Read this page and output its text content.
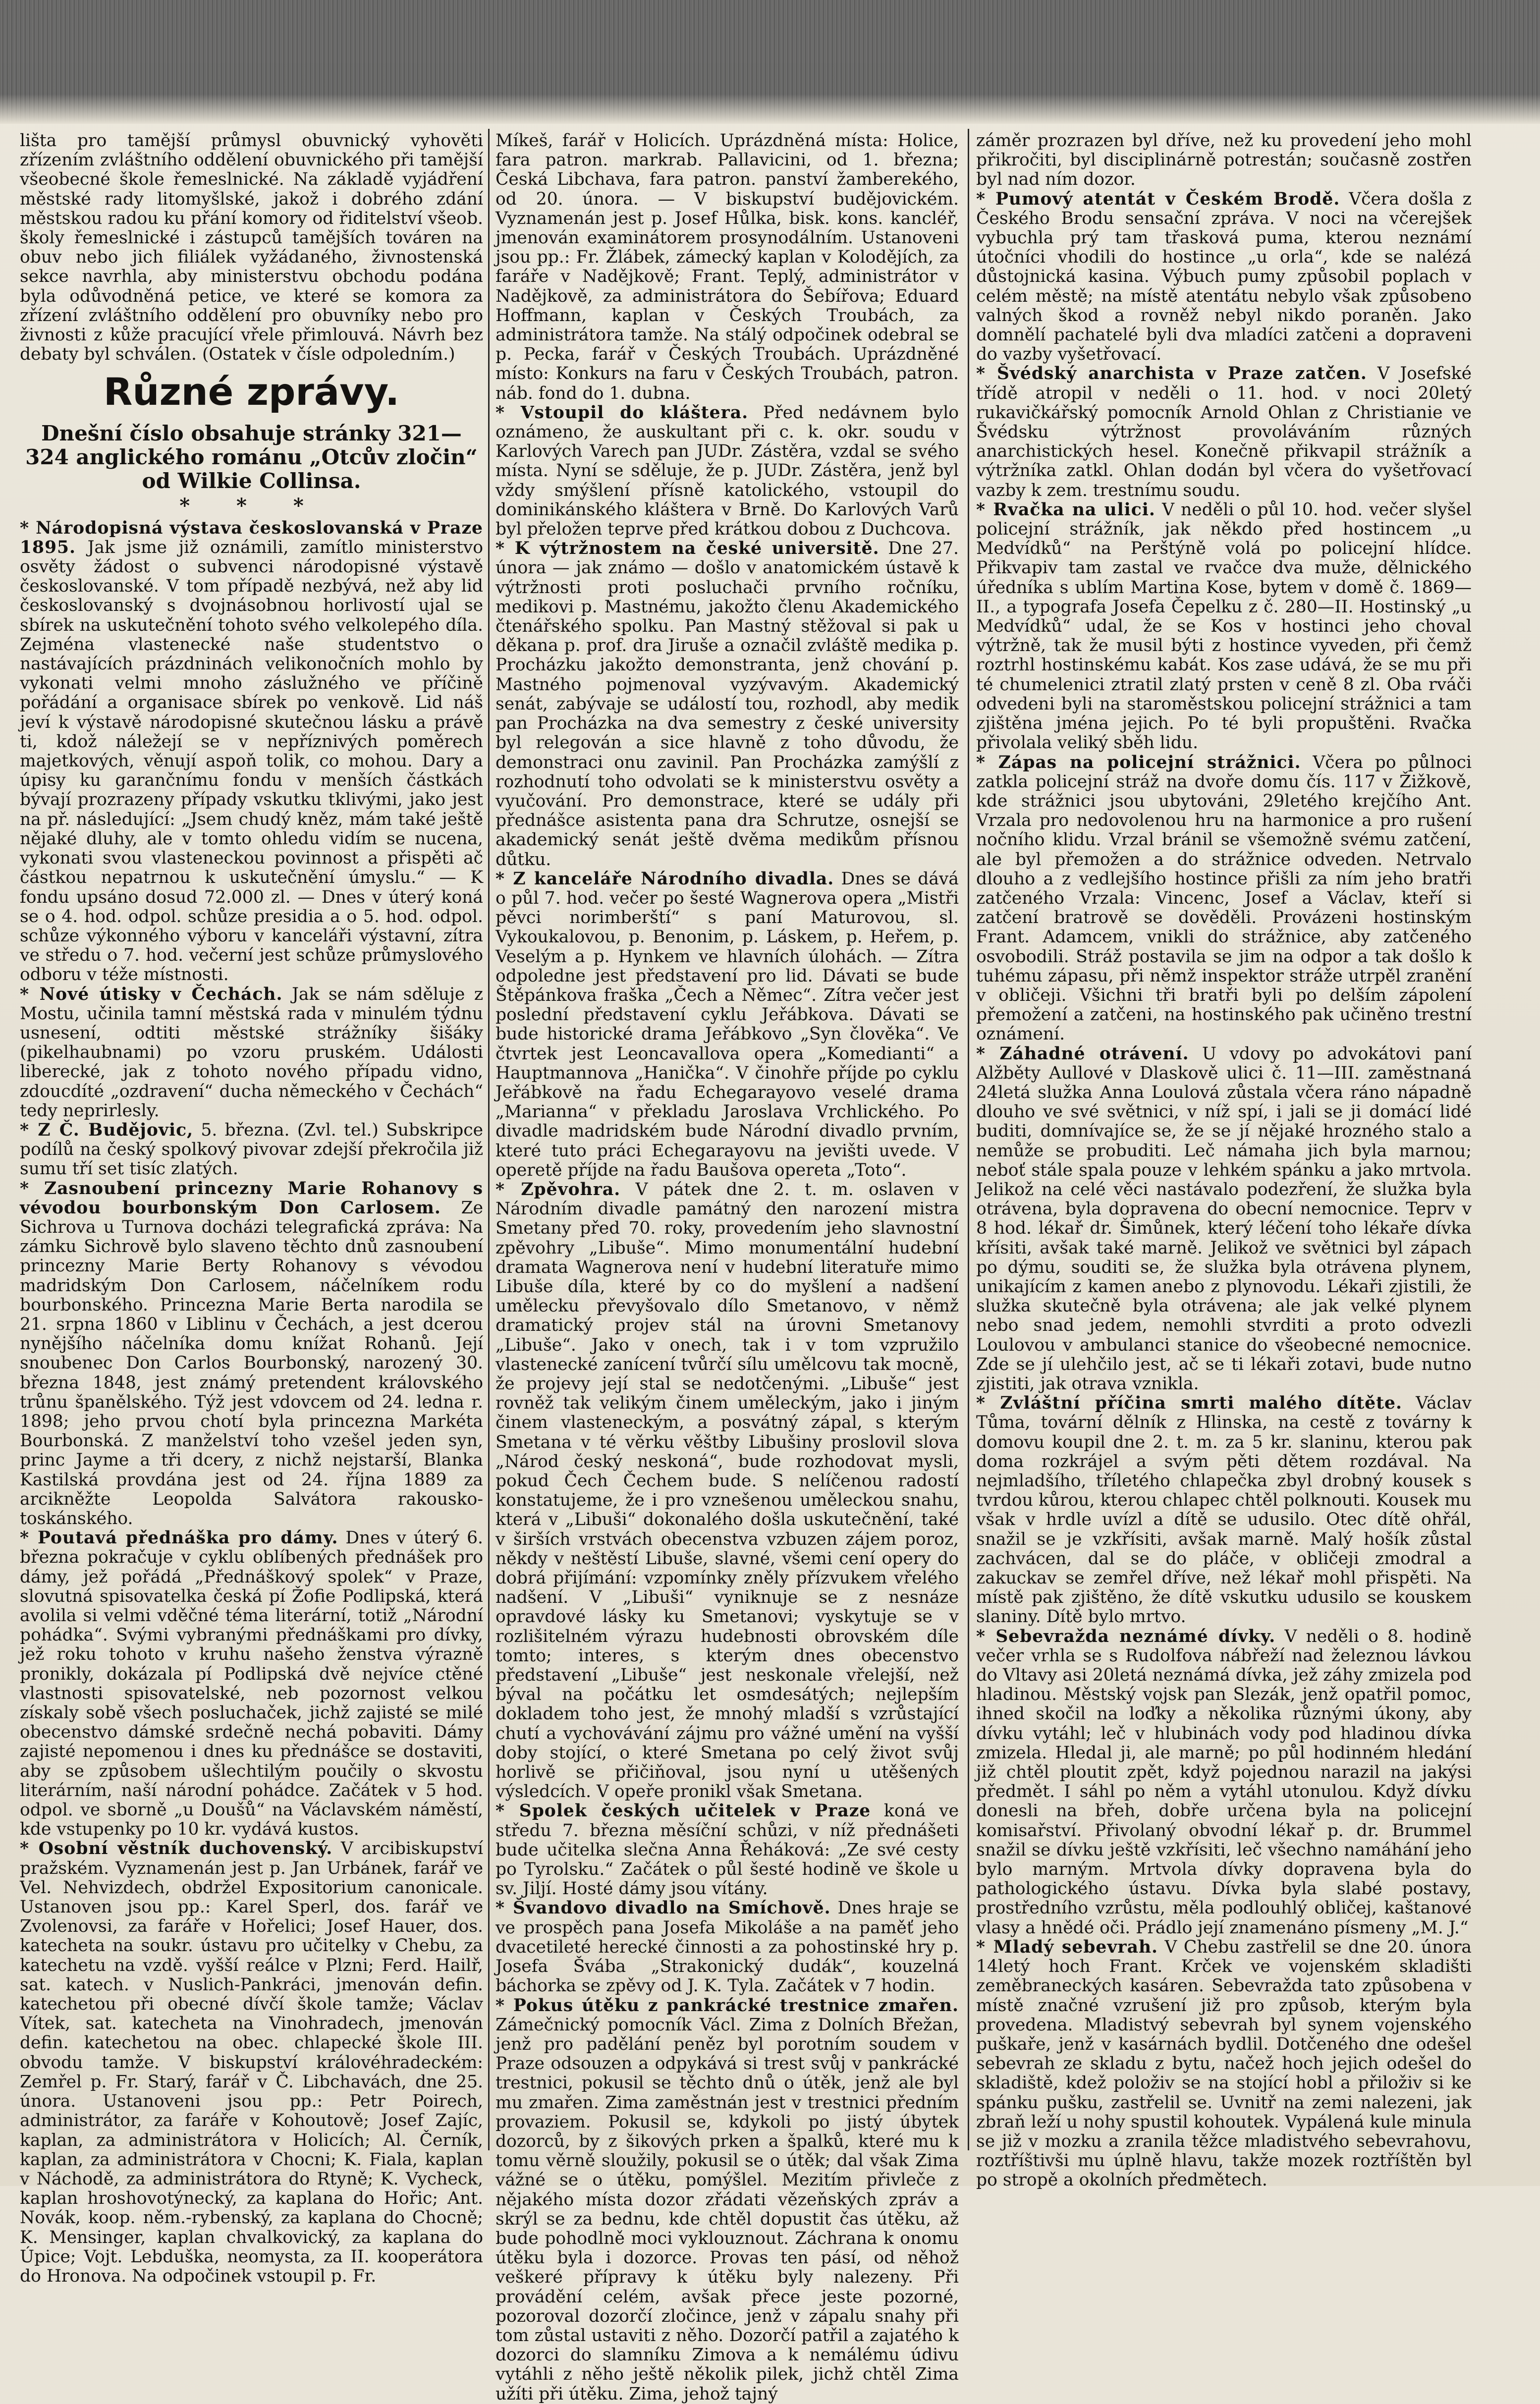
lišta pro tamější průmysl obuvnický vyhověti zřízením zvláštního oddělení obuvnického při tamější všeobecné škole řemeslnické. Na základě vyjádření městské rady litomyšlské, jakož i dobrého zdání městskou radou ku přání komory od řiditelství všeob. školy řemeslnické i zástupců tamějších továren na obuv nebo jich filiálek vyžádaného, živnostenská sekce navrhla, aby ministerstvu obchodu podána byla odůvodněná petice, ve které se komora za zřízení zvláštního oddělení pro obuvníky nebo pro živnosti z kůže pracující vřele přimlouvá. Návrh bez debaty byl schválen. (Ostatek v čísle odpoledním.)

Různé zprávy.
Dnešní číslo obsahuje stránky 321—324 anglického románu „Otcův zločin“ od Wilkie Collinsa.
* * *

* Národopisná výstava českoslovanská v Praze 1895. Jak jsme již oznámili, zamítlo ministerstvo osvěty žádost o subvenci národopisné výstavě českoslovanské. V tom případě nezbývá, než aby lid českoslovanský s dvojnásobnou horlivostí ujal se sbírek na uskutečnění tohoto svého velkolepého díla. Zejména vlastenecké naše studentstvo o nastávajících prázdninách velikonočních mohlo by vykonati velmi mnoho záslužného ve příčině pořádání a organisace sbírek po venkově. Lid náš jeví k výstavě národopisné skutečnou lásku a právě ti, kdož náležejí se v nepříznivých poměrech majetkových, věnují aspoň tolik, co mohou. Dary a úpisy ku garančnímu fondu v menších částkách bývají prozrazeny případy vskutku tklivými, jako jest na př. následující: „Jsem chudý kněz, mám také ještě nějaké dluhy, ale v tomto ohledu vidím se nucena, vykonati svou vlasteneckou povinnost a přispěti ač částkou nepatrnou k uskutečnění úmyslu.“ — K fondu upsáno dosud 72.000 zl. — Dnes v úterý koná se o 4. hod. odpol. schůze presidia a o 5. hod. odpol. schůze výkonného výboru v kanceláři výstavní, zítra ve středu o 7. hod. večerní jest schůze průmyslového odboru v téže místnosti.

* Nové útisky v Čechách. Jak se nám sděluje z Mostu, učinila tamní městská rada v minulém týdnu usnesení, odtiti městské strážníky šišáky (pikelhaubnami) po vzoru pruském. Události liberecké, jak z tohoto nového případu vidno, zdoucdíté „ozdravení“ ducha německého v Čechách“ tedy neprirlesly.

* Z Č. Budějovic, 5. března. (Zvl. tel.) Subskripce podílů na český spolkový pivovar zdejší překročila již sumu tří set tisíc zlatých.

* Zasnoubení princezny Marie Rohanovy s vévodou bourbonským Don Carlosem. Ze Sichrova u Turnova docházi telegrafická zpráva: Na zámku Sichrově bylo slaveno těchto dnů zasnoubení princezny Marie Berty Rohanovy s vévodou madridským Don Carlosem, náčelníkem rodu bourbonského. Princezna Marie Berta narodila se 21. srpna 1860 v Liblinu v Čechách, a jest dcerou nynějšího náčelníka domu knížat Rohanů. Její snoubenec Don Carlos Bourbonský, narozený 30. března 1848, jest známý pretendent královského trůnu španělského. Týž jest vdovcem od 24. ledna r. 1898; jeho prvou chotí byla princezna Markéta Bourbonská. Z manželství toho vzešel jeden syn, princ Jayme a tři dcery, z nichž nejstarší, Blanka Kastilská provdána jest od 24. října 1889 za arcikněžte Leopolda Salvátora rakousko-toskánského.

* Poutavá přednáška pro dámy. Dnes v úterý 6. března pokračuje v cyklu oblíbených přednášek pro dámy, jež pořádá „Přednáškový spolek“ v Praze, slovutná spisovatelka česká pí Žofie Podlipská, která avolila si velmi vděčné téma literární, totiž „Národní pohádka“. Svými vybranými přednáškami pro dívky, jež roku tohoto v kruhu našeho ženstva výrazně pronikly, dokázala pí Podlipská dvě nejvíce ctěné vlastnosti spisovatelské, neb pozornost velkou získaly sobě všech posluchaček, jichž zajisté se milé obecenstvo dámské srdečně nechá pobaviti. Dámy zajisté nepomenou i dnes ku přednášce se dostaviti, aby se způsobem ušlechtilým poučily o skvostu literárním, naší národní pohádce. Začátek v 5 hod. odpol. ve sborně „u Doušů“ na Václavském náměstí, kde vstupenky po 10 kr. vydává kustos.

* Osobní věstník duchovenský. V arcibiskupství pražském. Vyznamenán jest p. Jan Urbánek, farář ve Vel. Nehvizdech, obdržel Expositorium canonicale. Ustanoven jsou pp.: Karel Sperl, dos. farář ve Zvolenovsi, za faráře v Hořelici; Josef Hauer, dos. katecheta na soukr. ústavu pro učitelky v Chebu, za katechetu na vzdě. vyšší reálce v Plzni; Ferd. Hailř, sat. katech. v Nuslich-Pankráci, jmenován defin. katechetou při obecné dívčí škole tamže; Václav Vítek, sat. katecheta na Vinohradech, jmenován defin. katechetou na obec. chlapecké škole III. obvodu tamže. V biskupství královéhradeckém: Zemřel p. Fr. Starý, farář v Č. Libchavách, dne 25. února. Ustanoveni jsou pp.: Petr Poirech, administrátor, za faráře v Kohoutově; Josef Zajíc, kaplan, za administrátora v Holicích; Al. Černík, kaplan, za administrátora v Chocni; K. Fiala, kaplan v Náchodě, za administrátora do Rtyně; K. Vycheck, kaplan hroshovotýnecký, za kaplana do Hořic; Ant. Novák, koop. něm.-rybenský, za kaplana do Chocně; K. Mensinger, kaplan chvalkovický, za kaplana do Úpice; Vojt. Lebduška, neomysta, za II. kooperátora do Hronova. Na odpočinek vstoupil p. Fr.

Míkeš, farář v Holicích. Uprázdněná místa: Holice, fara patron. markrab. Pallavicini, od 1. března; Česká Libchava, fara patron. panství žamberekého, od 20. února. — V biskupství budějovickém. Vyznamenán jest p. Josef Hůlka, bisk. kons. kancléř, jmenován examinátorem prosynodálním. Ustanoveni jsou pp.: Fr. Žlábek, zámecký kaplan v Kolodějích, za faráře v Nadějkově; Frant. Teplý, administrátor v Nadějkově, za administrátora do Šebířova; Eduard Hoffmann, kaplan v Českých Troubách, za administrátora tamže. Na stálý odpočinek odebral se p. Pecka, farář v Českých Troubách. Uprázdněné místo: Konkurs na faru v Českých Troubách, patron. náb. fond do 1. dubna.

* Vstoupil do kláštera. Před nedávnem bylo oznámeno, že auskultant při c. k. okr. soudu v Karlových Varech pan JUDr. Zástěra, vzdal se svého místa. Nyní se sděluje, že p. JUDr. Zástěra, jenž byl vždy smýšlení přísně katolického, vstoupil do dominikánského kláštera v Brně. Do Karlových Varů byl přeložen teprve před krátkou dobou z Duchcova.

* K výtržnostem na české universitě. Dne 27. února — jak známo — došlo v anatomickém ústavě k výtržnosti proti posluchači prvního ročníku, medikovi p. Mastnému, jakožto členu Akademického čtenářského spolku. Pan Mastný stěžoval si pak u děkana p. prof. dra Jiruše a označil zvláště medika p. Procházku jakožto demonstranta, jenž chování p. Mastného pojmenoval vyzývavým. Akademický senát, zabývaje se událostí tou, rozhodl, aby medik pan Procházka na dva semestry z české university byl relegován a sice hlavně z toho důvodu, že demonstraci onu zavinil. Pan Procházka zamýšlí z rozhodnutí toho odvolati se k ministerstvu osvěty a vyučování. Pro demonstrace, které se udály při přednášce asistenta pana dra Schrutze, osnejší se akademický senát ještě dvěma medikům přísnou důtku.

* Z kanceláře Národního divadla. Dnes se dává o půl 7. hod. večer po šesté Wagnerova opera „Mistři pěvci norimberští“ s paní Maturovou, sl. Vykoukalovou, p. Benonim, p. Láskem, p. Heřem, p. Veselým a p. Hynkem ve hlavních úlohách. — Zítra odpoledne jest představení pro lid. Dávati se bude Štěpánkova fraška „Čech a Němec“. Zítra večer jest poslední představení cyklu Jeřábkova. Dávati se bude historické drama Jeřábkovo „Syn člověka“. Ve čtvrtek jest Leoncavallova opera „Komedianti“ a Hauptmannova „Hanička“. V činohře příjde po cyklu Jeřábkově na řadu Echegarayovo veselé drama „Marianna“ v překladu Jaroslava Vrchlického. Po divadle madridském bude Národní divadlo prvním, které tuto práci Echegarayovu na jevišti uvede. V operetě příjde na řadu Baušova opereta „Toto“.

* Zpěvohra. V pátek dne 2. t. m. oslaven v Národním divadle památný den narození mistra Smetany před 70. roky, provedením jeho slavnostní zpěvohry „Libuše“. Mimo monumentální hudební dramata Wagnerova není v hudební literatuře mimo Libuše díla, které by co do myšlení a nadšení umělecku převyšovalo dílo Smetanovo, v němž dramatický projev stál na úrovni Smetanovy „Libuše“. Jako v onech, tak i v tom vzpružilo vlastenecké zanícení tvůrčí sílu umělcovu tak mocně, že projevy její stal se nedotčenými. „Libuše“ jest rovněž tak velikým činem uměleckým, jako i jiným činem vlasteneckým, a posvátný zápal, s kterým Smetana v té věrku věštby Libušiny proslovil slova „Národ český neskoná“, bude rozhodovat mysli, pokud Čech Čechem bude. S nelíčenou radostí konstatujeme, že i pro vznešenou uměleckou snahu, která v „Libuši“ dokonalého došla uskutečnění, také v širších vrstvách obecenstva vzbuzen zájem poroz, někdy v neštěstí Libuše, slavné, všemi cení opery do dobrá přijímání: vzpomínky zněly přízvukem vřelého nadšení. V „Libuši“ vyniknuje se z nesnáze opravdové lásky ku Smetanovi; vyskytuje se v rozlišitelném výrazu hudebnosti obrovském díle tomto; interes, s kterým dnes obecenstvo představení „Libuše“ jest neskonale vřelejší, než býval na počátku let osmdesátých; nejlepším dokladem toho jest, že mnohý mladší s vzrůstající chutí a vychovávání zájmu pro vážné umění na vyšší doby stojící, o které Smetana po celý život svůj horlivě se přičiňoval, jsou nyní u utěšených výsledcích. V opeře pronikl však Smetana.

* Spolek českých učitelek v Praze koná ve středu 7. března měsíční schůzi, v níž přednášeti bude učitelka slečna Anna Řeháková: „Ze své cesty po Tyrolsku.“ Začátek o půl šesté hodině ve škole u sv. Jiljí. Hosté dámy jsou vítány.

* Švandovo divadlo na Smíchově. Dnes hraje se ve prospěch pana Josefa Mikoláše a na paměť jeho dvacetileté herecké činnosti a za pohostinské hry p. Josefa Švába „Strakonický dudák“, kouzelná báchorka se zpěvy od J. K. Tyla. Začátek v 7 hodin.

* Pokus útěku z pankrácké trestnice zmařen. Zámečnický pomocník Václ. Zima z Dolních Břežan, jenž pro padělání peněz byl porotním soudem v Praze odsouzen a odpykává si trest svůj v pankrácké trestnici, pokusil se těchto dnů o útěk, jenž ale byl mu zmařen. Zima zaměstnán jest v trestnici předním provaziem. Pokusil se, kdykoli po jistý úbytek dozorců, by z šikových prken a špalků, které mu k tomu věrně sloužily, pokusil se o útěk; dal však Zima vážné se o útěku, pomýšlel. Mezitím přivleče z nějakého místa dozor zřádati vězeňských zpráv a skrýl se za bednu, kde chtěl dopustit čas útěku, až bude pohodlně moci vyklouznout. Záchrana k onomu útěku byla i dozorce. Provas ten pásí, od něhož veškeré přípravy k útěku byly nalezeny. Při provádění celém, avšak přece jeste pozorné, pozoroval dozorčí zločince, jenž v zápalu snahy při tom zůstal ustaviti z něho. Dozorčí patřil a zajatého k dozorci do slamníku Zimova a k nemálému údivu vytáhli z něho ještě několik pilek, jichž chtěl Zima užíti při útěku. Zima, jehož tajný

záměr prozrazen byl dříve, než ku provedení jeho mohl přikročiti, byl disciplinárně potrestán; současně zostřen byl nad ním dozor.

* Pumový atentát v Českém Brodě. Včera došla z Českého Brodu sensační zpráva. V noci na včerejšek vybuchla prý tam třasková puma, kterou neznámí útočníci vhodili do hostince „u orla“, kde se nalézá důstojnická kasina. Výbuch pumy způsobil poplach v celém městě; na místě atentátu nebylo však způsobeno valných škod a rovněž nebyl nikdo poraněn. Jako domnělí pachatelé byli dva mladíci zatčeni a dopraveni do vazby vyšetřovací.

* Švédský anarchista v Praze zatčen. V Josefské třídě atropil v neděli o 11. hod. v noci 20letý rukavičkářský pomocník Arnold Ohlan z Christianie ve Švédsku výtržnost provoláváním různých anarchistických hesel. Konečně přikvapil strážník a výtržníka zatkl. Ohlan dodán byl včera do vyšetřovací vazby k zem. trestnímu soudu.

* Rvačka na ulici. V neděli o půl 10. hod. večer slyšel policejní strážník, jak někdo před hostincem „u Medvídků“ na Perštýně volá po policejní hlídce. Přikvapiv tam zastal ve rvačce dva muže, dělnického úředníka s ublím Martina Kose, bytem v domě č. 1869—II., a typografa Josefa Čepelku z č. 280—II. Hostinský „u Medvídků“ udal, že se Kos v hostinci jeho choval výtržně, tak že musil býti z hostince vyveden, při čemž roztrhl hostinskému kabát. Kos zase udává, že se mu při té chumelenici ztratil zlatý prsten v ceně 8 zl. Oba rváči odvedeni byli na staroměstskou policejní strážnici a tam zjištěna jména jejich. Po té byli propuštěni. Rvačka přivolala veliký sběh lidu.

* Zápas na policejní strážnici. Včera po půlnoci zatkla policejní stráž na dvoře domu čís. 117 v Žižkově, kde strážnici jsou ubytováni, 29letého krejčího Ant. Vrzala pro nedovolenou hru na harmonice a pro rušení nočního klidu. Vrzal bránil se všemožně svému zatčení, ale byl přemožen a do strážnice odveden. Netrvalo dlouho a z vedlejšího hostince přišli za ním jeho bratři zatčeného Vrzala: Vincenc, Josef a Václav, kteří si zatčení bratrově se dověděli. Provázeni hostinským Frant. Adamcem, vnikli do strážnice, aby zatčeného osvobodili. Stráž postavila se jim na odpor a tak došlo k tuhému zápasu, při němž inspektor stráže utrpěl zranění v obličeji. Všichni tři bratři byli po delším zápolení přemožení a zatčeni, na hostinského pak učiněno trestní oznámení.

* Záhadné otrávení. U vdovy po advokátovi paní Alžběty Aullové v Dlaskově ulici č. 11—III. zaměstnaná 24letá služka Anna Loulová zůstala včera ráno nápadně dlouho ve své světnici, v níž spí, i jali se ji domácí lidé buditi, domnívajíce se, že se jí nějaké hrozného stalo a nemůže se probuditi. Leč námaha jich byla marnou; neboť stále spala pouze v lehkém spánku a jako mrtvola. Jelikož na celé věci nastávalo podezření, že služka byla otrávena, byla dopravena do obecní nemocnice. Teprv v 8 hod. lékař dr. Šimůnek, který léčení toho lékaře dívka křísiti, avšak také marně. Jelikož ve světnici byl zápach po dýmu, souditi se, že služka byla otrávena plynem, unikajícím z kamen anebo z plynovodu. Lékaři zjistili, že služka skutečně byla otrávena; ale jak velké plynem nebo snad jedem, nemohli stvrditi a proto odvezli Loulovou v ambulanci stanice do všeobecné nemocnice. Zde se jí ulehčilo jest, ač se ti lékaři zotavi, bude nutno zjistiti, jak otrava vznikla.

* Zvláštní příčina smrti malého dítěte. Václav Tůma, tovární dělník z Hlinska, na cestě z továrny k domovu koupil dne 2. t. m. za 5 kr. slaninu, kterou pak doma rozkrájel a svým pěti dětem rozdával. Na nejmladšího, tříletého chlapečka zbyl drobný kousek s tvrdou kůrou, kterou chlapec chtěl polknouti. Kousek mu však v hrdle uvízl a dítě se udusilo. Otec dítě ohřál, snažil se je vzkřísiti, avšak marně. Malý hošík zůstal zachvácen, dal se do pláče, v obličeji zmodral a zakuckav se zemřel dříve, než lékař mohl přispěti. Na místě pak zjištěno, že dítě vskutku udusilo se kouskem slaniny. Dítě bylo mrtvo.

* Sebevražda neznámé dívky. V neděli o 8. hodině večer vrhla se s Rudolfova nábřeží nad železnou lávkou do Vltavy asi 20letá neznámá dívka, jež záhy zmizela pod hladinou. Městský vojsk pan Slezák, jenž opatřil pomoc, ihned skočil na loďky a několika různými úkony, aby dívku vytáhl; leč v hlubinách vody pod hladinou dívka zmizela. Hledal ji, ale marně; po půl hodinném hledání již chtěl ploutit zpět, když pojednou narazil na jakýsi předmět. I sáhl po něm a vytáhl utonulou. Když dívku donesli na břeh, dobře určena byla na policejní komisařství. Přivolaný obvodní lékař p. dr. Brummel snažil se dívku ještě vzkřísiti, leč všechno namáhání jeho bylo marným. Mrtvola dívky dopravena byla do pathologického ústavu. Dívka byla slabé postavy, prostředního vzrůstu, měla podlouhlý obličej, kaštanové vlasy a hnědé oči. Prádlo její znamenáno písmeny „M. J.“

* Mladý sebevrah. V Chebu zastřelil se dne 20. února 14letý hoch Frant. Krček ve vojenském skladišti zeměbraneckých kasáren. Sebevražda tato způsobena v místě značné vzrušení již pro způsob, kterým byla provedena. Mladistvý sebevrah byl synem vojenského puškaře, jenž v kasárnách bydlil. Dotčeného dne odešel sebevrah ze skladu z bytu, načež hoch jejich odešel do skladiště, kdež položiv se na stojící hobl a přiloživ si ke spánku pušku, zastřelil se. Uvnitř na zemi nalezeni, jak zbraň leží u nohy spustil kohoutek. Vypálená kule minula se již v mozku a zranila těžce mladistvého sebevrahovu, roztříštivši mu úplně hlavu, takže mozek roztříštěn byl po stropě a okolních předmětech.
